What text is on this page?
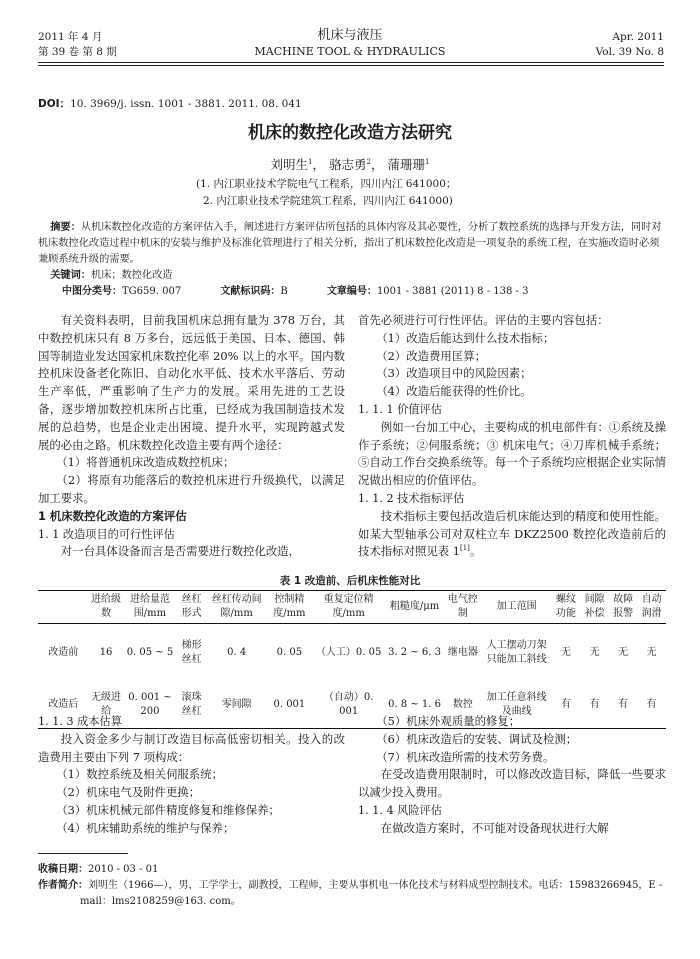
2011 年 4 月
第 39 卷 第 8 期
机床与液压
MACHINE TOOL & HYDRAULICS
Apr. 2011
Vol. 39 No. 8
DOI：10. 3969/j. issn. 1001 - 3881. 2011. 08. 041
机床的数控化改造方法研究
刘明生$^1$， 骆志勇$^2$， 蒲珊珊$^1$
(1. 内江职业技术学院电气工程系，四川内江 641000；
2. 内江职业技术学院建筑工程系，四川内江 641000)
摘要：从机床数控化改造的方案评估入手，阐述进行方案评估所包括的具体内容及其必要性，分析了数控系统的选择与开发方法，同时对机床数控化改造过程中机床的安装与维护及标准化管理进行了相关分析，指出了机床数控化改造是一项复杂的系统工程，在实施改造时必须兼顾系统升级的需要。
关键词：机床；数控化改造
中图分类号：TG659. 007	文献标识码：B	文章编号：1001 - 3881 (2011) 8 - 138 - 3

有关资料表明，目前我国机床总拥有量为 378 万台，其中数控机床只有 8 万多台，远远低于美国、日本、德国、韩国等制造业发达国家机床数控化率 20% 以上的水平。国内数控机床设备老化陈旧、自动化水平低、技术水平落后、劳动生产率低，严重影响了生产力的发展。采用先进的工艺设备，逐步增加数控机床所占比重，已经成为我国制造技术发展的总趋势，也是企业走出困境、提升水平，实现跨越式发展的必由之路。机床数控化改造主要有两个途径：

（1）将普通机床改造成数控机床；

（2）将原有功能落后的数控机床进行升级换代，以满足加工要求。

1 机床数控化改造的方案评估

1. 1 改造项目的可行性评估

对一台具体设备而言是否需要进行数控化改造，

首先必须进行可行性评估。评估的主要内容包括：

（1）改造后能达到什么技术指标；

（2）改造费用匡算；

（3）改造项目中的风险因素；

（4）改造后能获得的性价比。

1. 1. 1 价值评估

例如一台加工中心，主要构成的机电部件有：①系统及操作子系统；②伺服系统；③ 机床电气；④刀库机械手系统；⑤自动工作台交换系统等。每一个子系统均应根据企业实际情况做出相应的价值评估。

1. 1. 2 技术指标评估

技术指标主要包括改造后机床能达到的精度和使用性能。如某大型轴承公司对双柱立车 DKZ2500 数控化改造前后的技术指标对照见表 1[1]。

表 1 改造前、后机床性能对比
	进给级数	进给量范围/mm	丝杠形式	丝杠传动间隙/mm	控制精度/mm	重复定位精度/mm	粗糙度/μm	电气控制	加工范围	螺纹功能	间隙补偿	故障报警	自动润滑
改造前	16	0. 05 ~ 5	梯形丝杠	0. 4	0. 05	（人工）0. 05	3. 2 ~ 6. 3	继电器	人工摆动刀架只能加工斜线	无	无	无	无
改造后	无级进给	0. 001 ~ 200	滚珠丝杠	零间隙	0. 001	（自动）0. 001	0. 8 ~ 1. 6	数控	加工任意斜线及曲线	有	有	有	有

1. 1. 3 成本估算

投入资金多少与制订改造目标高低密切相关。投入的改造费用主要由下列 7 项构成：

（1）数控系统及相关伺服系统；

（2）机床电气及附件更换；

（3）机床机械元部件精度修复和维修保养；

（4）机床辅助系统的维护与保养；

（5）机床外观质量的修复；

（6）机床改造后的安装、调试及检测；

（7）机床改造所需的技术劳务费。

在受改造费用限制时，可以修改改造目标，降低一些要求以减少投入费用。

1. 1. 4 风险评估

在做改造方案时，不可能对设备现状进行大解

收稿日期：2010 - 03 - 01
作者简介：刘明生（1966—），男，工学学士，副教授，工程师，主要从事机电一体化技术与材料成型控制技术。电话：15983266945，E - mail：lms2108259@163. com。
